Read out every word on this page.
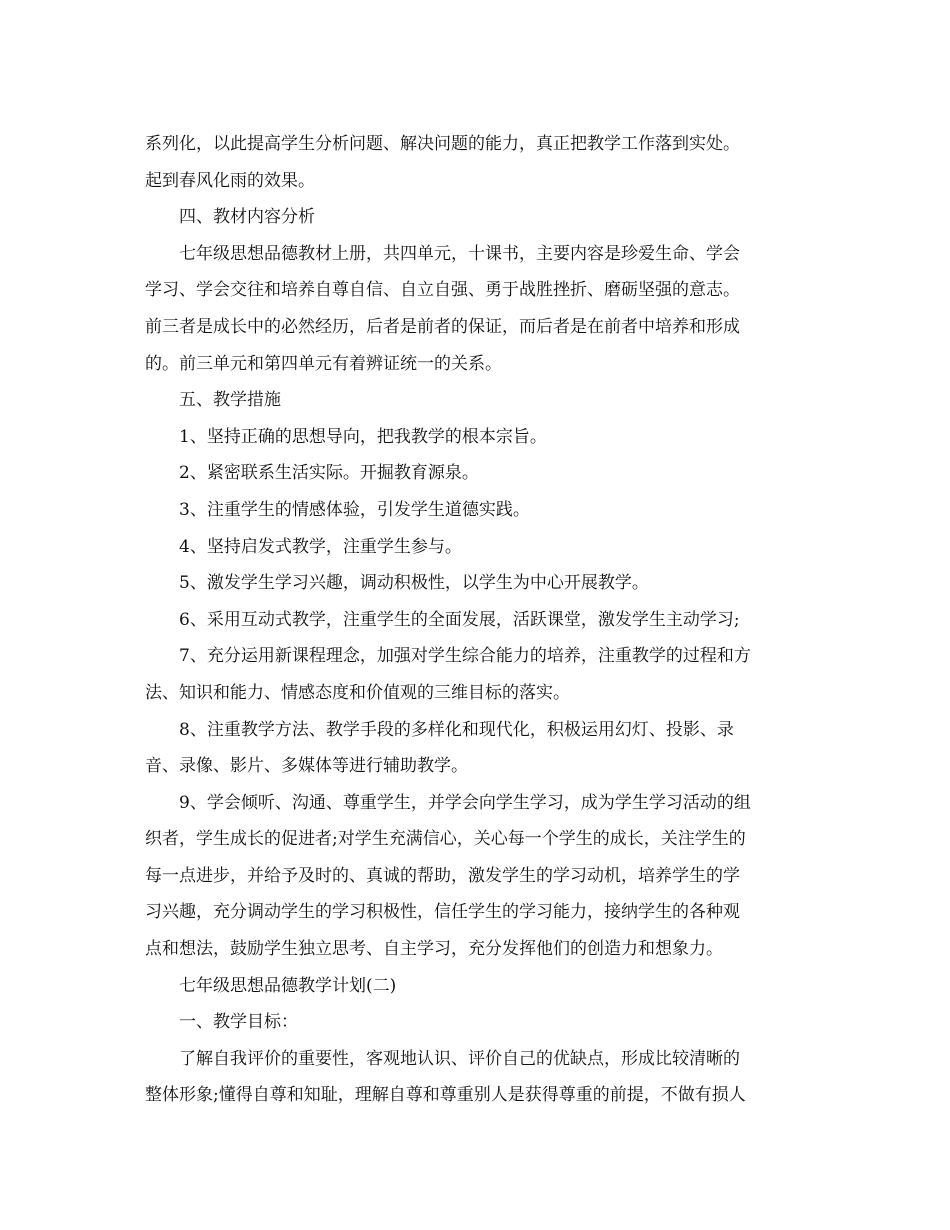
系列化，以此提高学生分析问题、解决问题的能力，真正把教学工作落到实处。
起到春风化雨的效果。
四、教材内容分析
七年级思想品德教材上册，共四单元，十课书，主要内容是珍爱生命、学会
学习、学会交往和培养自尊自信、自立自强、勇于战胜挫折、磨砺坚强的意志。
前三者是成长中的必然经历，后者是前者的保证，而后者是在前者中培养和形成
的。前三单元和第四单元有着辨证统一的关系。
五、教学措施
1、坚持正确的思想导向，把我教学的根本宗旨。
2、紧密联系生活实际。开掘教育源泉。
3、注重学生的情感体验，引发学生道德实践。
4、坚持启发式教学，注重学生参与。
5、激发学生学习兴趣，调动积极性，以学生为中心开展教学。
6、采用互动式教学，注重学生的全面发展，活跃课堂，激发学生主动学习;
7、充分运用新课程理念，加强对学生综合能力的培养，注重教学的过程和方
法、知识和能力、情感态度和价值观的三维目标的落实。
8、注重教学方法、教学手段的多样化和现代化，积极运用幻灯、投影、录
音、录像、影片、多媒体等进行辅助教学。
9、学会倾听、沟通、尊重学生，并学会向学生学习，成为学生学习活动的组
织者，学生成长的促进者;对学生充满信心，关心每一个学生的成长，关注学生的
每一点进步，并给予及时的、真诚的帮助，激发学生的学习动机，培养学生的学
习兴趣，充分调动学生的学习积极性，信任学生的学习能力，接纳学生的各种观
点和想法，鼓励学生独立思考、自主学习，充分发挥他们的创造力和想象力。
七年级思想品德教学计划(二)
一、教学目标：
了解自我评价的重要性，客观地认识、评价自己的优缺点，形成比较清晰的
整体形象;懂得自尊和知耻，理解自尊和尊重别人是获得尊重的前提，不做有损人
